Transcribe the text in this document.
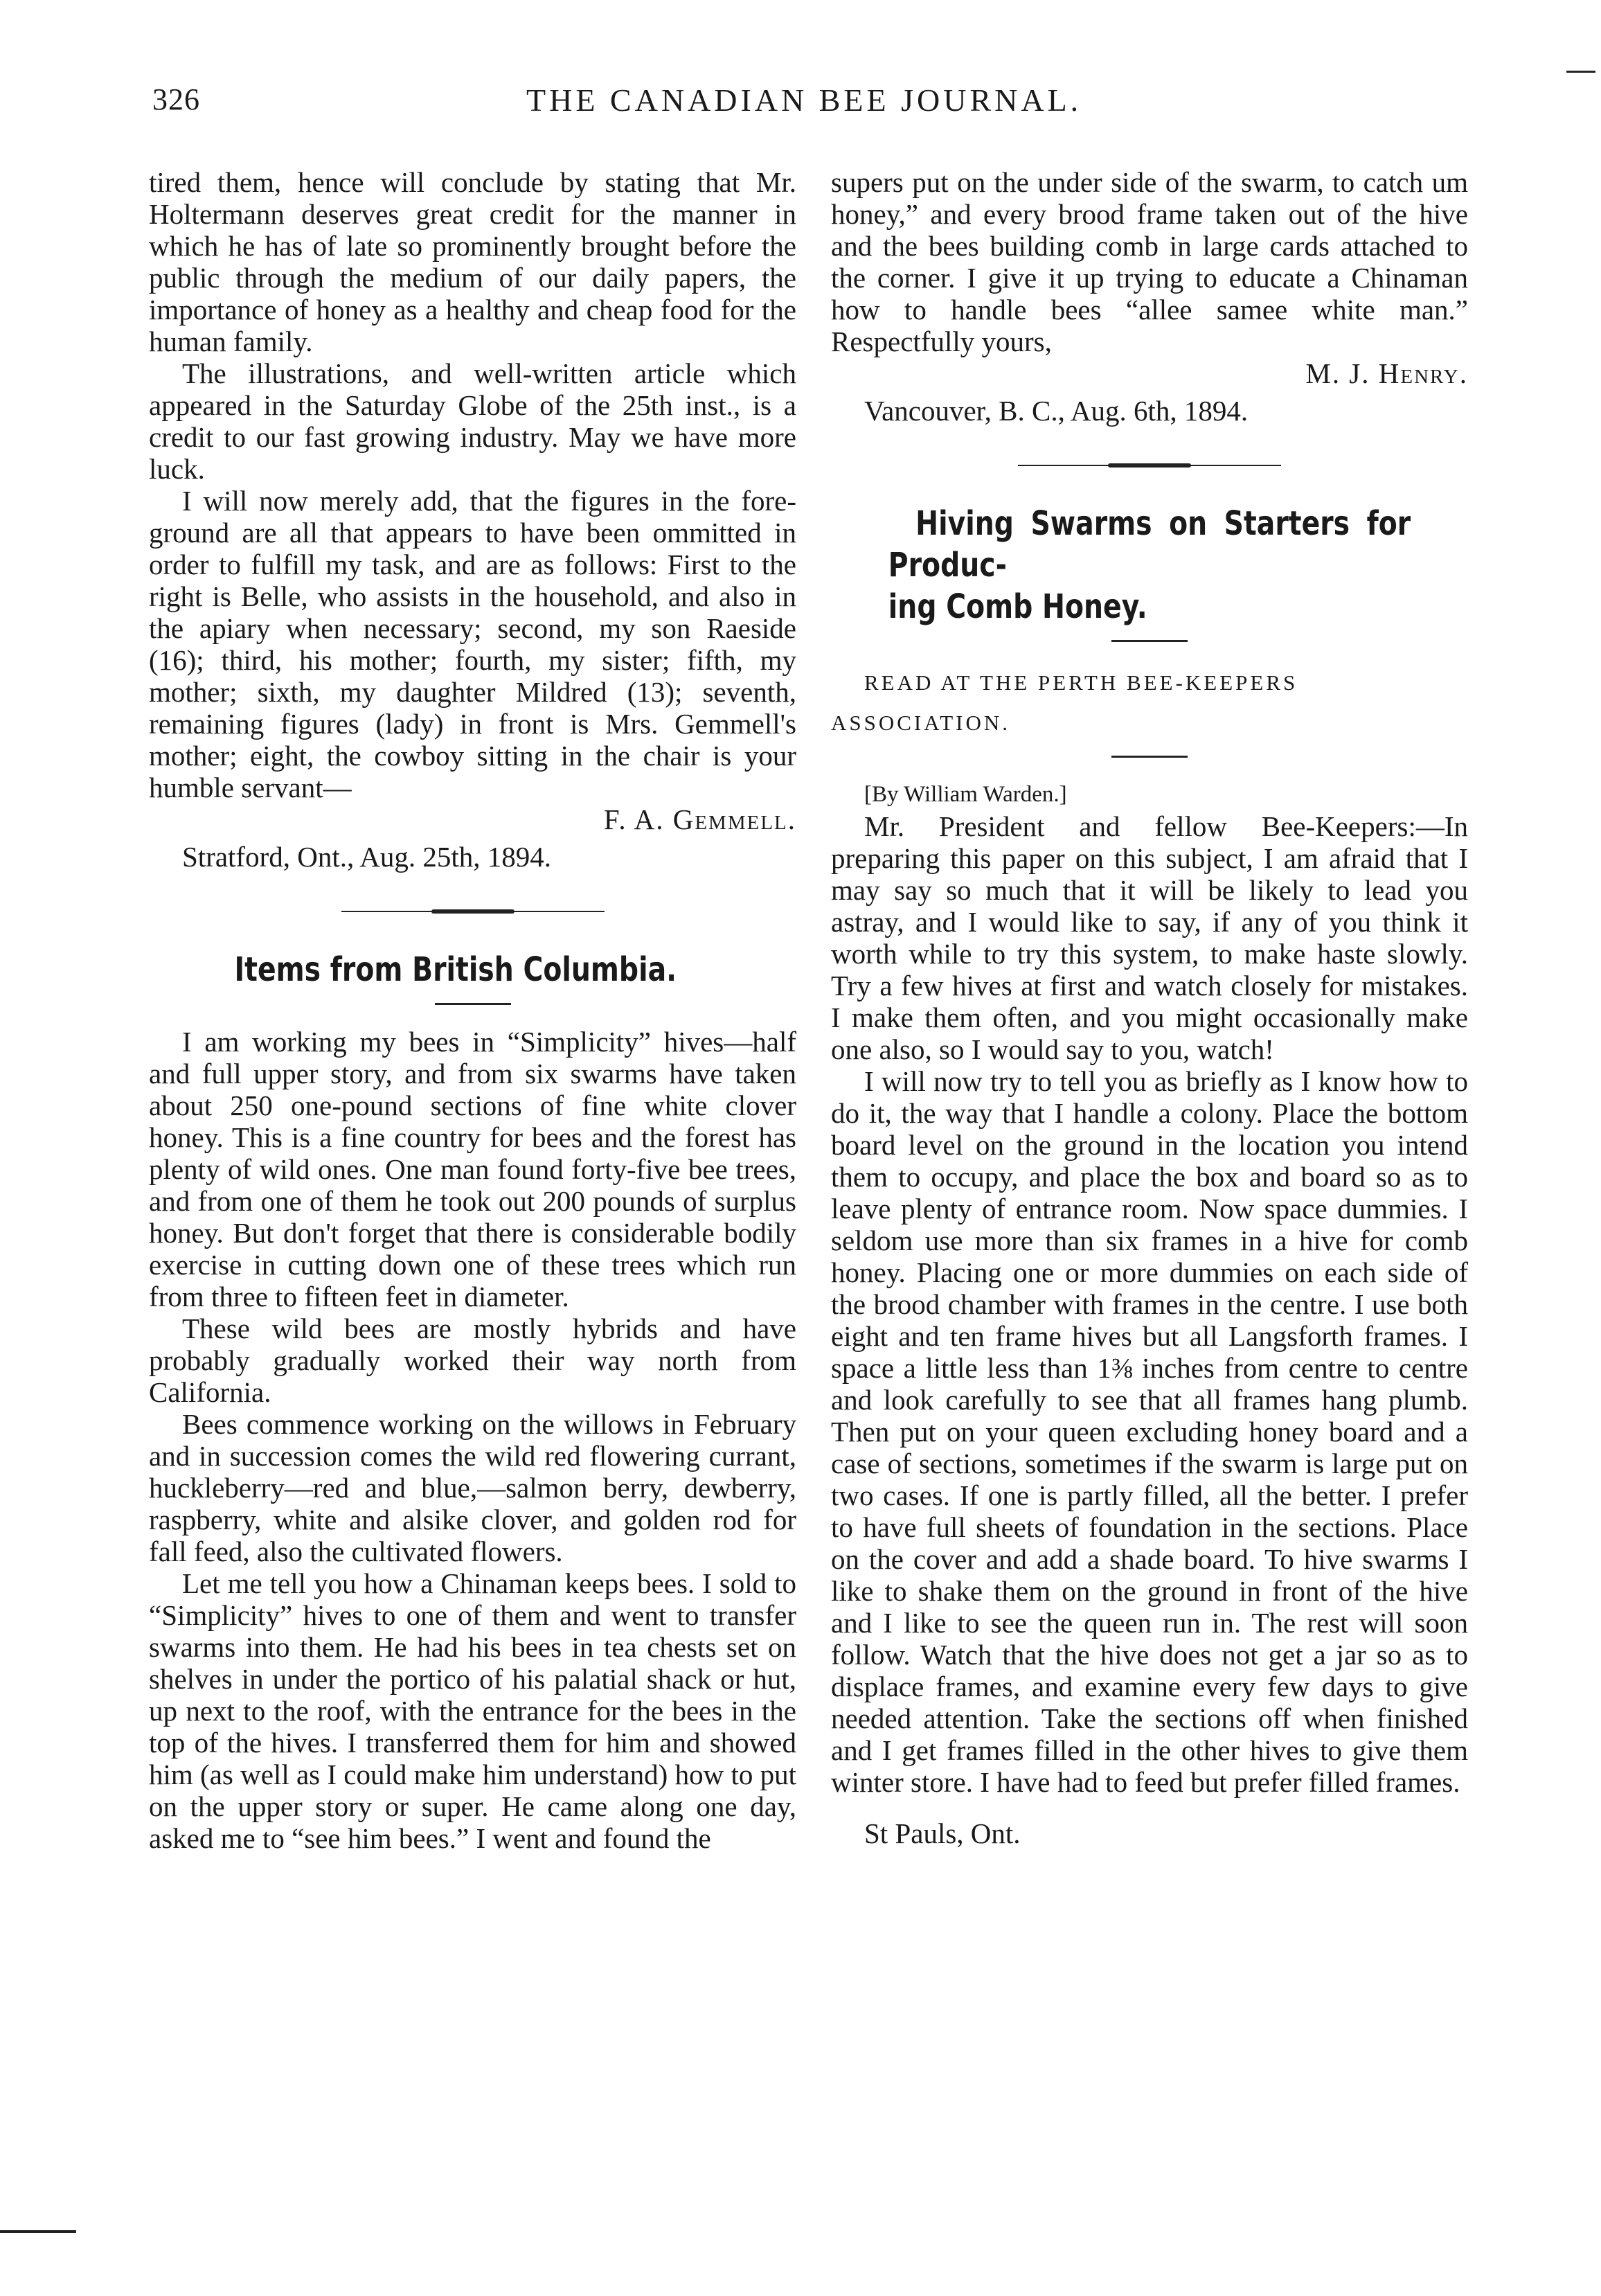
326	THE CANADIAN BEE JOURNAL.

tired them, hence will conclude by stating that Mr. Holtermann deserves great credit for the manner in which he has of late so prominently brought before the public through the medium of our daily papers, the importance of honey as a healthy and cheap food for the human family.

The illustrations, and well-written article which appeared in the Saturday Globe of the 25th inst., is a credit to our fast growing industry. May we have more luck.

I will now merely add, that the figures in the fore-ground are all that appears to have been ommitted in order to fulfill my task, and are as follows: First to the right is Belle, who assists in the household, and also in the apiary when necessary; second, my son Raeside (16); third, his mother; fourth, my sister; fifth, my mother; sixth, my daughter Mildred (13); seventh, remaining figures (lady) in front is Mrs. Gemmell's mother; eight, the cowboy sitting in the chair is your humble servant—

F. A. Gemmell.

Stratford, Ont., Aug. 25th, 1894.

Items from British Columbia.

I am working my bees in “Simplicity” hives—half and full upper story, and from six swarms have taken about 250 one-pound sections of fine white clover honey. This is a fine country for bees and the forest has plenty of wild ones. One man found forty-five bee trees, and from one of them he took out 200 pounds of surplus honey. But don't forget that there is considerable bodily exercise in cutting down one of these trees which run from three to fifteen feet in diameter.

These wild bees are mostly hybrids and have probably gradually worked their way north from California.

Bees commence working on the willows in February and in succession comes the wild red flowering currant, huckleberry—red and blue,—salmon berry, dewberry, raspberry, white and alsike clover, and golden rod for fall feed, also the cultivated flowers.

Let me tell you how a Chinaman keeps bees. I sold to “Simplicity” hives to one of them and went to transfer swarms into them. He had his bees in tea chests set on shelves in under the portico of his palatial shack or hut, up next to the roof, with the entrance for the bees in the top of the hives. I transferred them for him and showed him (as well as I could make him understand) how to put on the upper story or super. He came along one day, asked me to “see him bees.” I went and found the

supers put on the under side of the swarm, to catch um honey,” and every brood frame taken out of the hive and the bees building comb in large cards attached to the corner. I give it up trying to educate a Chinaman how to handle bees “allee samee white man.” Respectfully yours,

M. J. Henry.

Vancouver, B. C., Aug. 6th, 1894.

Hiving Swarms on Starters for Produc-
ing Comb Honey.

READ AT THE PERTH BEE-KEEPERS
ASSOCIATION.

[By William Warden.]

Mr. President and fellow Bee-Keepers:—In preparing this paper on this subject, I am afraid that I may say so much that it will be likely to lead you astray, and I would like to say, if any of you think it worth while to try this system, to make haste slowly. Try a few hives at first and watch closely for mistakes. I make them often, and you might occasionally make one also, so I would say to you, watch!

I will now try to tell you as briefly as I know how to do it, the way that I handle a colony. Place the bottom board level on the ground in the location you intend them to occupy, and place the box and board so as to leave plenty of entrance room. Now space dummies. I seldom use more than six frames in a hive for comb honey. Placing one or more dummies on each side of the brood chamber with frames in the centre. I use both eight and ten frame hives but all Langsforth frames. I space a little less than 1⅜ inches from centre to centre and look carefully to see that all frames hang plumb. Then put on your queen excluding honey board and a case of sections, sometimes if the swarm is large put on two cases. If one is partly filled, all the better. I prefer to have full sheets of foundation in the sections. Place on the cover and add a shade board. To hive swarms I like to shake them on the ground in front of the hive and I like to see the queen run in. The rest will soon follow. Watch that the hive does not get a jar so as to displace frames, and examine every few days to give needed attention. Take the sections off when finished and I get frames filled in the other hives to give them winter store. I have had to feed but prefer filled frames.

St Pauls, Ont.
